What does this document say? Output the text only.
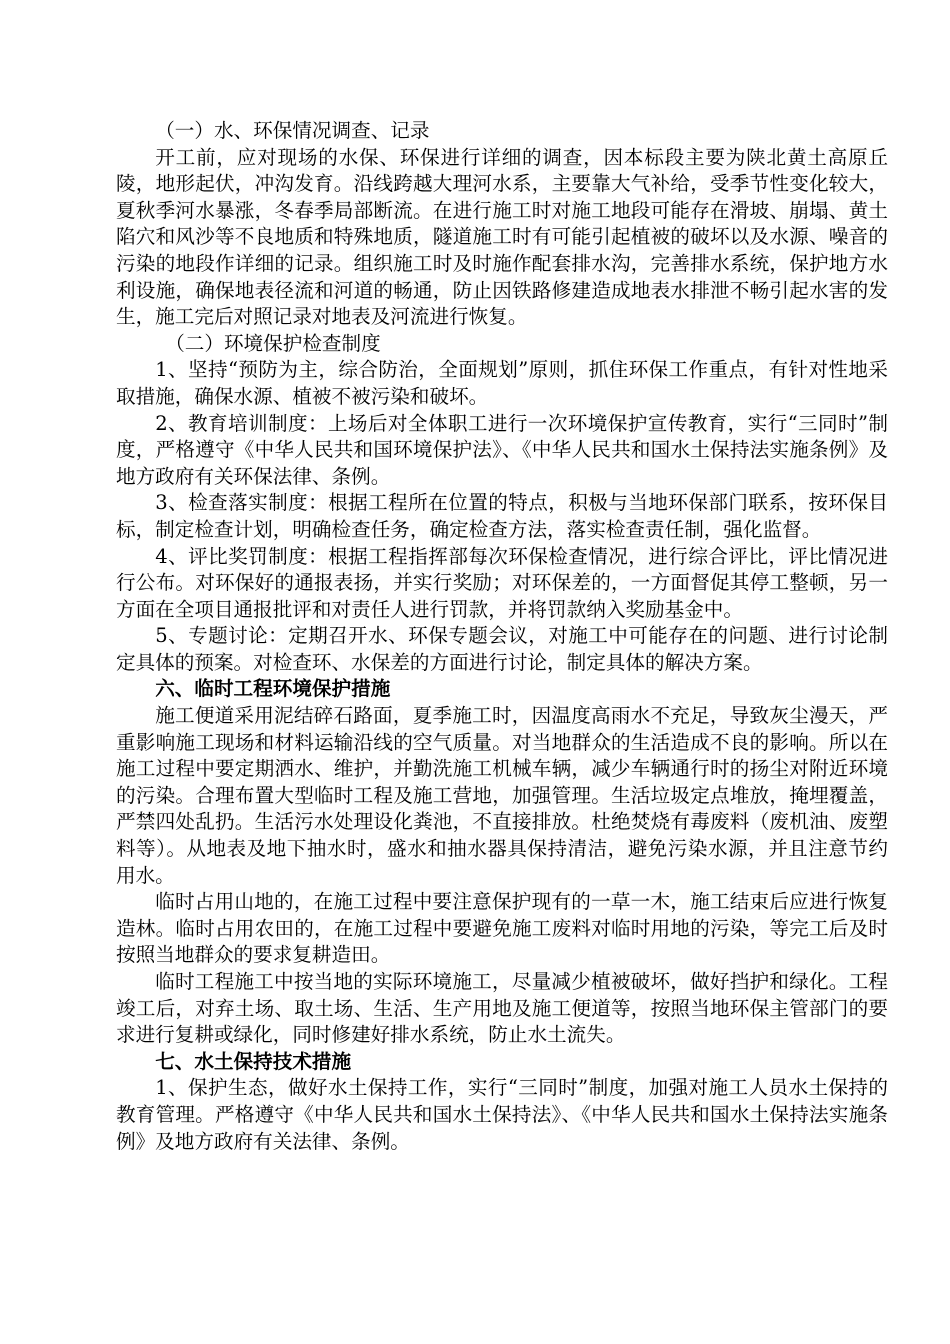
（一）水、环保情况调查、记录

开工前，应对现场的水保、环保进行详细的调查，因本标段主要为陕北黄土高原丘陵，地形起伏，冲沟发育。沿线跨越大理河水系，主要靠大气补给，受季节性变化较大，夏秋季河水暴涨，冬春季局部断流。在进行施工时对施工地段可能存在滑坡、崩塌、黄土陷穴和风沙等不良地质和特殊地质，隧道施工时有可能引起植被的破坏以及水源、噪音的污染的地段作详细的记录。组织施工时及时施作配套排水沟，完善排水系统，保护地方水利设施，确保地表径流和河道的畅通，防止因铁路修建造成地表水排泄不畅引起水害的发生，施工完后对照记录对地表及河流进行恢复。

（二）环境保护检查制度

1、坚持“预防为主，综合防治，全面规划”原则，抓住环保工作重点，有针对性地采取措施，确保水源、植被不被污染和破坏。

2、教育培训制度：上场后对全体职工进行一次环境保护宣传教育，实行“三同时”制度，严格遵守《中华人民共和国环境保护法》、《中华人民共和国水土保持法实施条例》及地方政府有关环保法律、条例。

3、检查落实制度：根据工程所在位置的特点，积极与当地环保部门联系，按环保目标，制定检查计划，明确检查任务，确定检查方法，落实检查责任制，强化监督。

4、评比奖罚制度：根据工程指挥部每次环保检查情况，进行综合评比，评比情况进行公布。对环保好的通报表扬，并实行奖励；对环保差的，一方面督促其停工整顿，另一方面在全项目通报批评和对责任人进行罚款，并将罚款纳入奖励基金中。

5、专题讨论：定期召开水、环保专题会议，对施工中可能存在的问题、进行讨论制定具体的预案。对检查环、水保差的方面进行讨论，制定具体的解决方案。

六、临时工程环境保护措施

施工便道采用泥结碎石路面，夏季施工时，因温度高雨水不充足，导致灰尘漫天，严重影响施工现场和材料运输沿线的空气质量。对当地群众的生活造成不良的影响。所以在施工过程中要定期洒水、维护，并勤洗施工机械车辆，减少车辆通行时的扬尘对附近环境的污染。合理布置大型临时工程及施工营地，加强管理。生活垃圾定点堆放，掩埋覆盖，严禁四处乱扔。生活污水处理设化粪池，不直接排放。杜绝焚烧有毒废料（废机油、废塑料等）。从地表及地下抽水时，盛水和抽水器具保持清洁，避免污染水源，并且注意节约用水。

临时占用山地的，在施工过程中要注意保护现有的一草一木，施工结束后应进行恢复造林。临时占用农田的，在施工过程中要避免施工废料对临时用地的污染，等完工后及时按照当地群众的要求复耕造田。

临时工程施工中按当地的实际环境施工，尽量减少植被破坏，做好挡护和绿化。工程竣工后，对弃土场、取土场、生活、生产用地及施工便道等，按照当地环保主管部门的要求进行复耕或绿化，同时修建好排水系统，防止水土流失。

七、水土保持技术措施

1、保护生态，做好水土保持工作，实行“三同时”制度，加强对施工人员水土保持的教育管理。严格遵守《中华人民共和国水土保持法》、《中华人民共和国水土保持法实施条例》及地方政府有关法律、条例。
